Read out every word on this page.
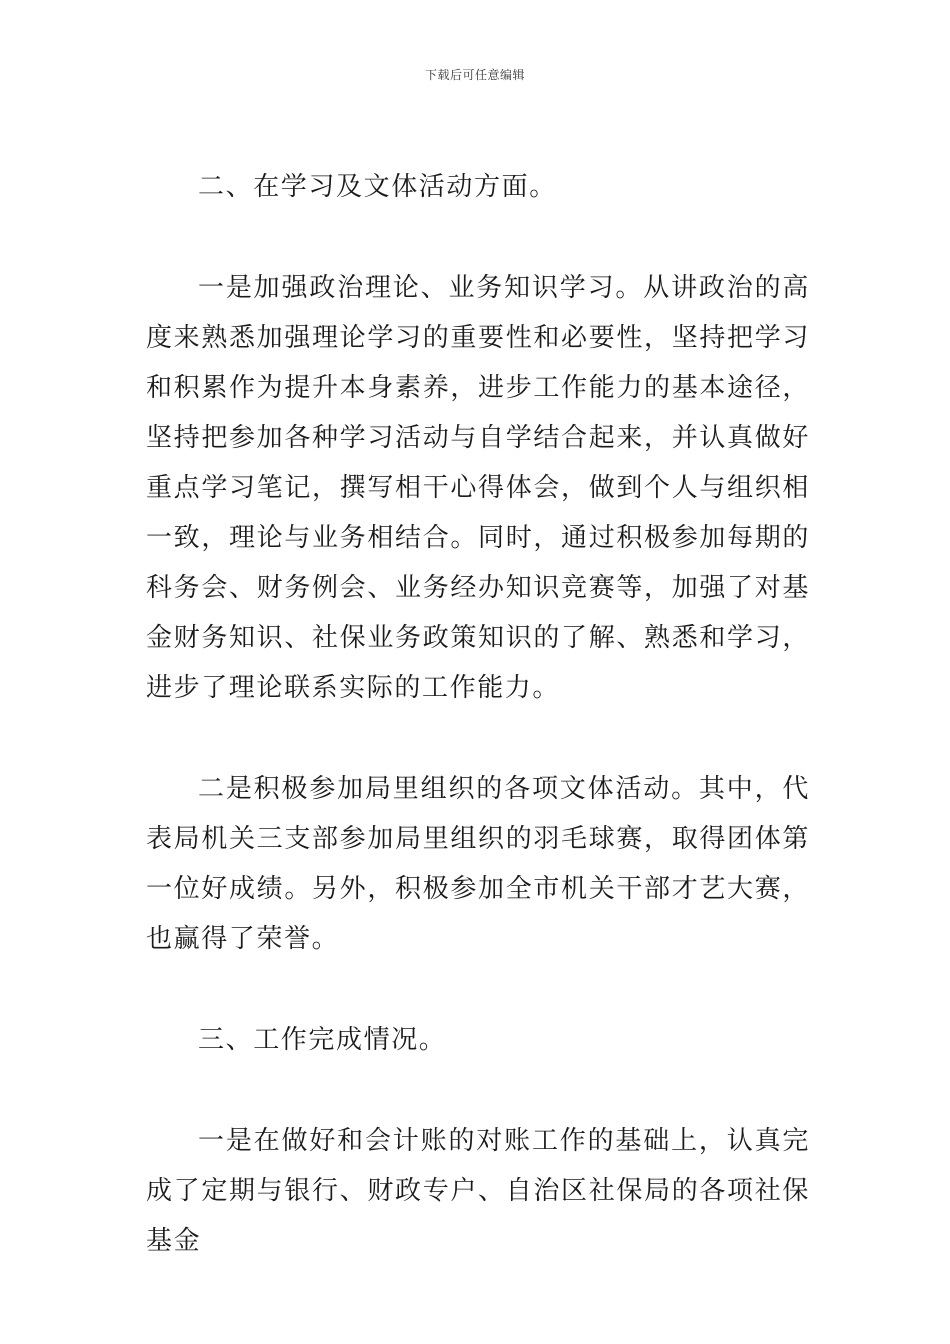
下载后可任意编辑

二、在学习及文体活动方面。

一是加强政治理论、业务知识学习。从讲政治的高度来熟悉加强理论学习的重要性和必要性，坚持把学习和积累作为提升本身素养，进步工作能力的基本途径，坚持把参加各种学习活动与自学结合起来，并认真做好重点学习笔记，撰写相干心得体会，做到个人与组织相一致，理论与业务相结合。同时，通过积极参加每期的科务会、财务例会、业务经办知识竞赛等，加强了对基金财务知识、社保业务政策知识的了解、熟悉和学习，进步了理论联系实际的工作能力。

二是积极参加局里组织的各项文体活动。其中，代表局机关三支部参加局里组织的羽毛球赛，取得团体第一位好成绩。另外，积极参加全市机关干部才艺大赛，也赢得了荣誉。

三、工作完成情况。

一是在做好和会计账的对账工作的基础上，认真完成了定期与银行、财政专户、自治区社保局的各项社保基金
